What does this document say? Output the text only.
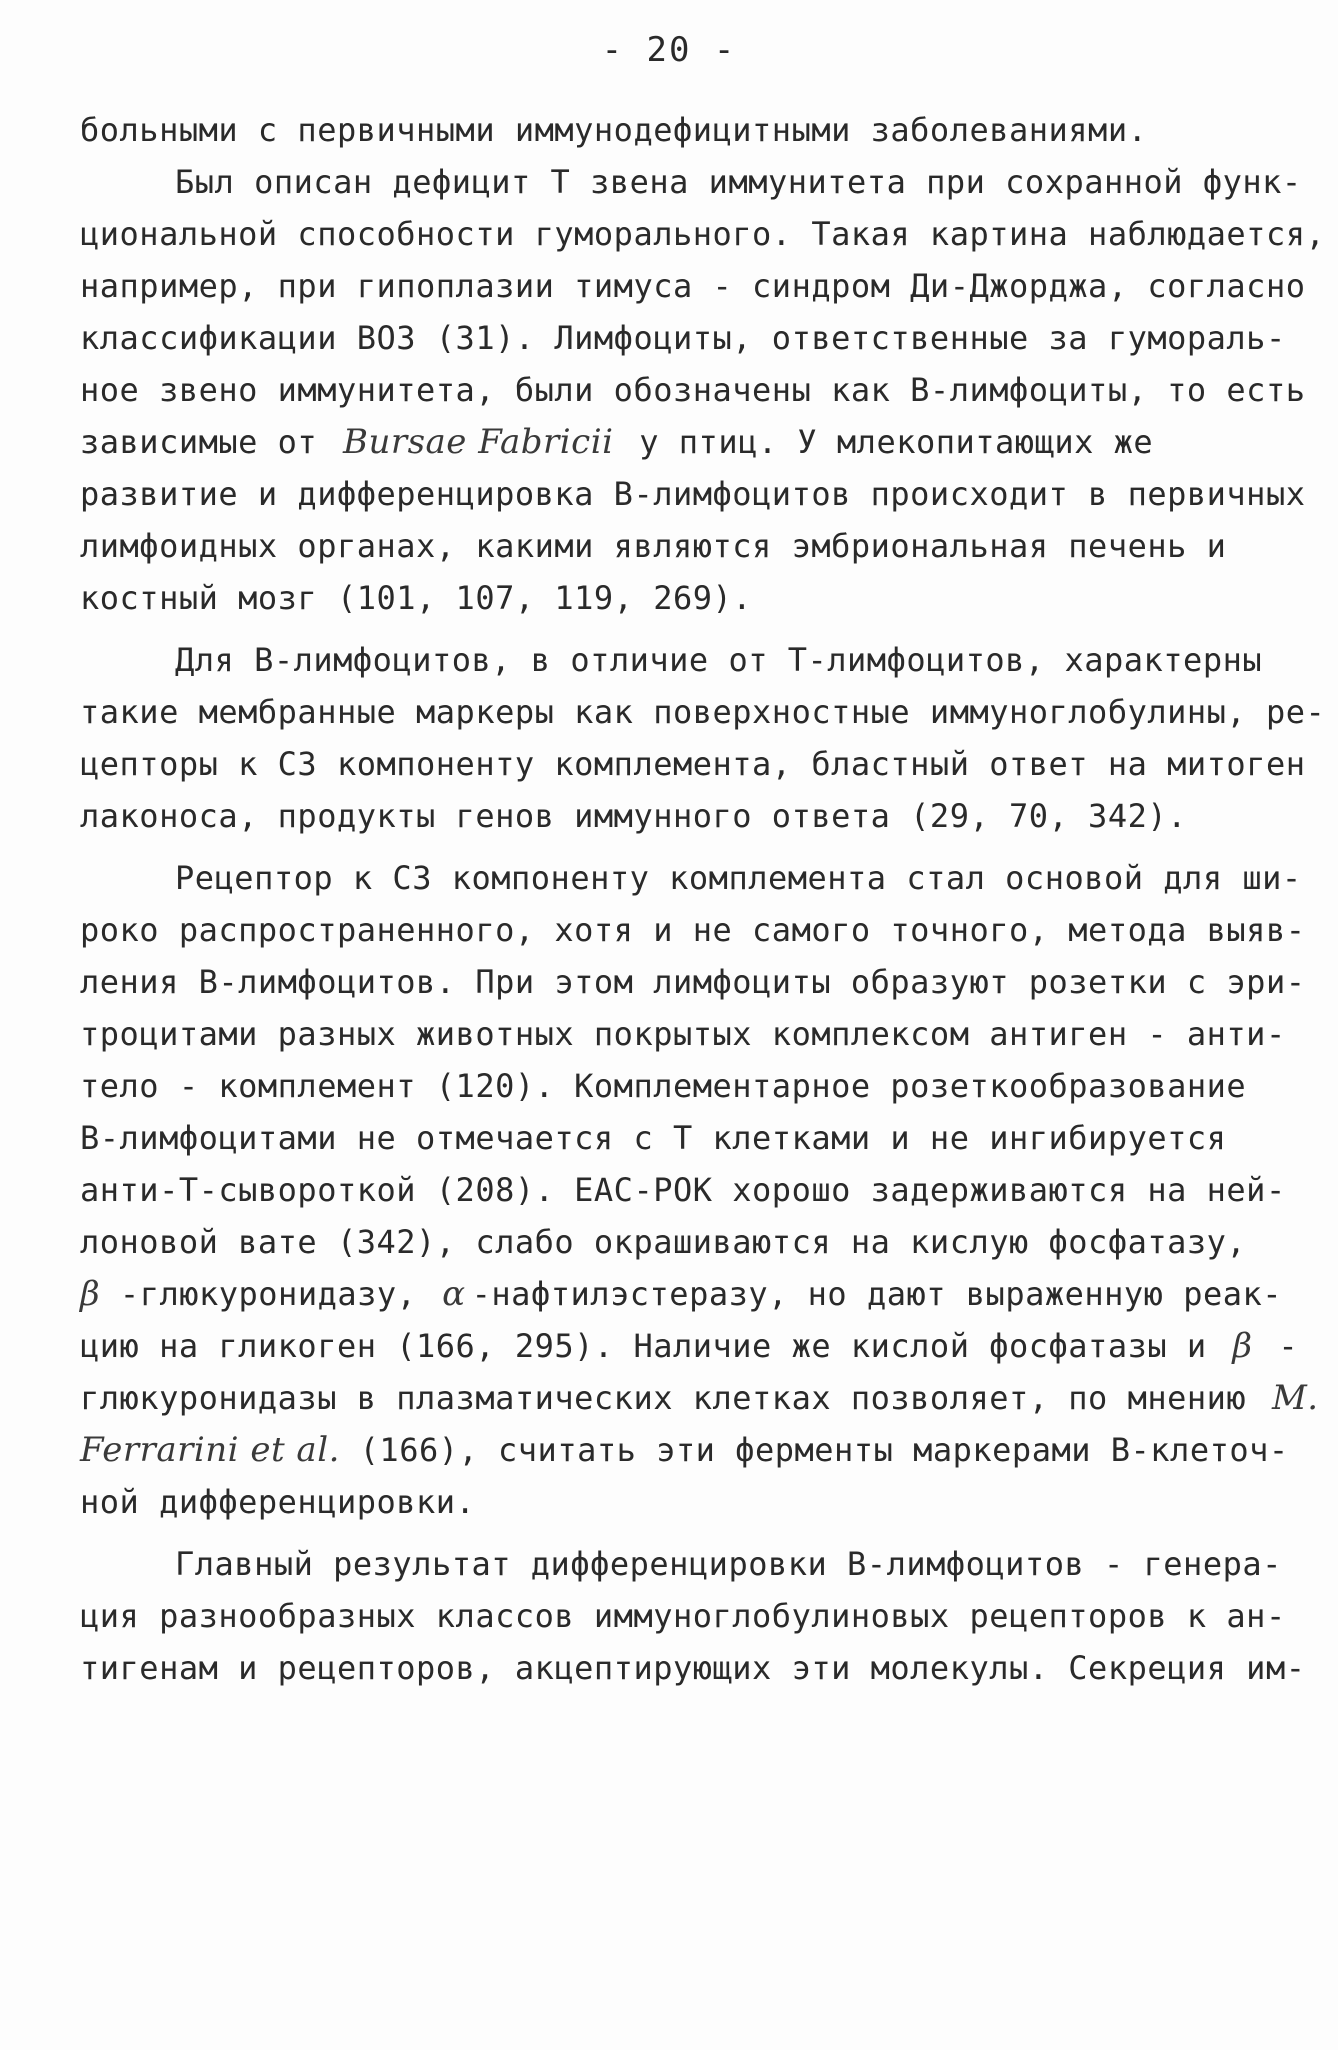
- 20 -
больными с первичными иммунодефицитными заболеваниями.
Был описан дефицит Т звена иммунитета при сохранной функ-
циональной способности гуморального. Такая картина наблюдается,
например, при гипоплазии тимуса - синдром Ди-Джорджа, согласно
классификации ВОЗ (31). Лимфоциты, ответственные за гумораль-
ное звено иммунитета, были обозначены как В-лимфоциты, то есть
зависимые от Bursae Fabricii у птиц. У млекопитающих же
развитие и дифференцировка В-лимфоцитов происходит в первичных
лимфоидных органах, какими являются эмбриональная печень и
костный мозг (101, 107, 119, 269).
Для В-лимфоцитов, в отличие от Т-лимфоцитов, характерны
такие мембранные маркеры как поверхностные иммуноглобулины, ре-
цепторы к С3 компоненту комплемента, бластный ответ на митоген
лаконоса, продукты генов иммунного ответа (29, 70, 342).
Рецептор к С3 компоненту комплемента стал основой для ши-
роко распространенного, хотя и не самого точного, метода выяв-
ления В-лимфоцитов. При этом лимфоциты образуют розетки с эри-
троцитами разных животных покрытых комплексом антиген - анти-
тело - комплемент (120). Комплементарное розеткообразование
В-лимфоцитами не отмечается с Т клетками и не ингибируется
анти-Т-сывороткой (208). ЕАС-РОК хорошо задерживаются на ней-
лоновой вате (342), слабо окрашиваются на кислую фосфатазу,
β -глюкуронидазу, α -нафтилэстеразу, но дают выраженную реак-
цию на гликоген (166, 295). Наличие же кислой фосфатазы и β -
глюкуронидазы в плазматических клетках позволяет, по мнению M.
Ferrarini et al. (166), считать эти ферменты маркерами В-клеточ-
ной дифференцировки.
Главный результат дифференцировки В-лимфоцитов - генера-
ция разнообразных классов иммуноглобулиновых рецепторов к ан-
тигенам и рецепторов, акцептирующих эти молекулы. Секреция им-
